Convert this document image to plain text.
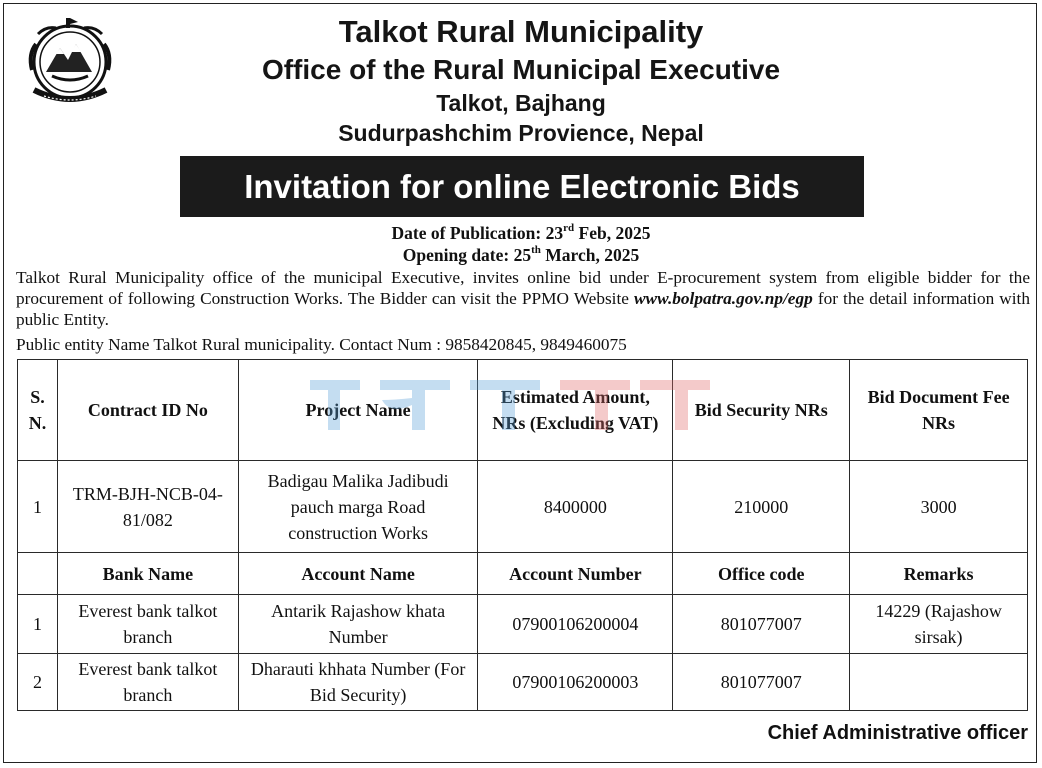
Talkot Rural Municipality
Office of the Rural Municipal Executive
Talkot, Bajhang
Sudurpashchim Provience, Nepal
Invitation for online Electronic Bids
Date of Publication: 23rd Feb, 2025
Opening date: 25th March, 2025
Talkot Rural Municipality office of the municipal Executive, invites online bid under E-procurement system from eligible bidder for the procurement of following Construction Works. The Bidder can visit the PPMO Website www.bolpatra.gov.np/egp for the detail information with public Entity.
Public entity Name Talkot Rural municipality. Contact Num : 9858420845, 9849460075
S. N.	Contract ID No	Project Name	Estimated Amount, NRs (Excluding VAT)	Bid Security NRs	Bid Document Fee NRs
1	TRM-BJH-NCB-04-81/082	Badigau Malika Jadibudi pauch marga Road construction Works	8400000	210000	3000
	Bank Name	Account Name	Account Number	Office code	Remarks
1	Everest bank talkot branch	Antarik Rajashow khata Number	07900106200004	801077007	14229 (Rajashow sirsak)
2	Everest bank talkot branch	Dharauti khhata Number (For Bid Security)	07900106200003	801077007	
Chief Administrative officer
